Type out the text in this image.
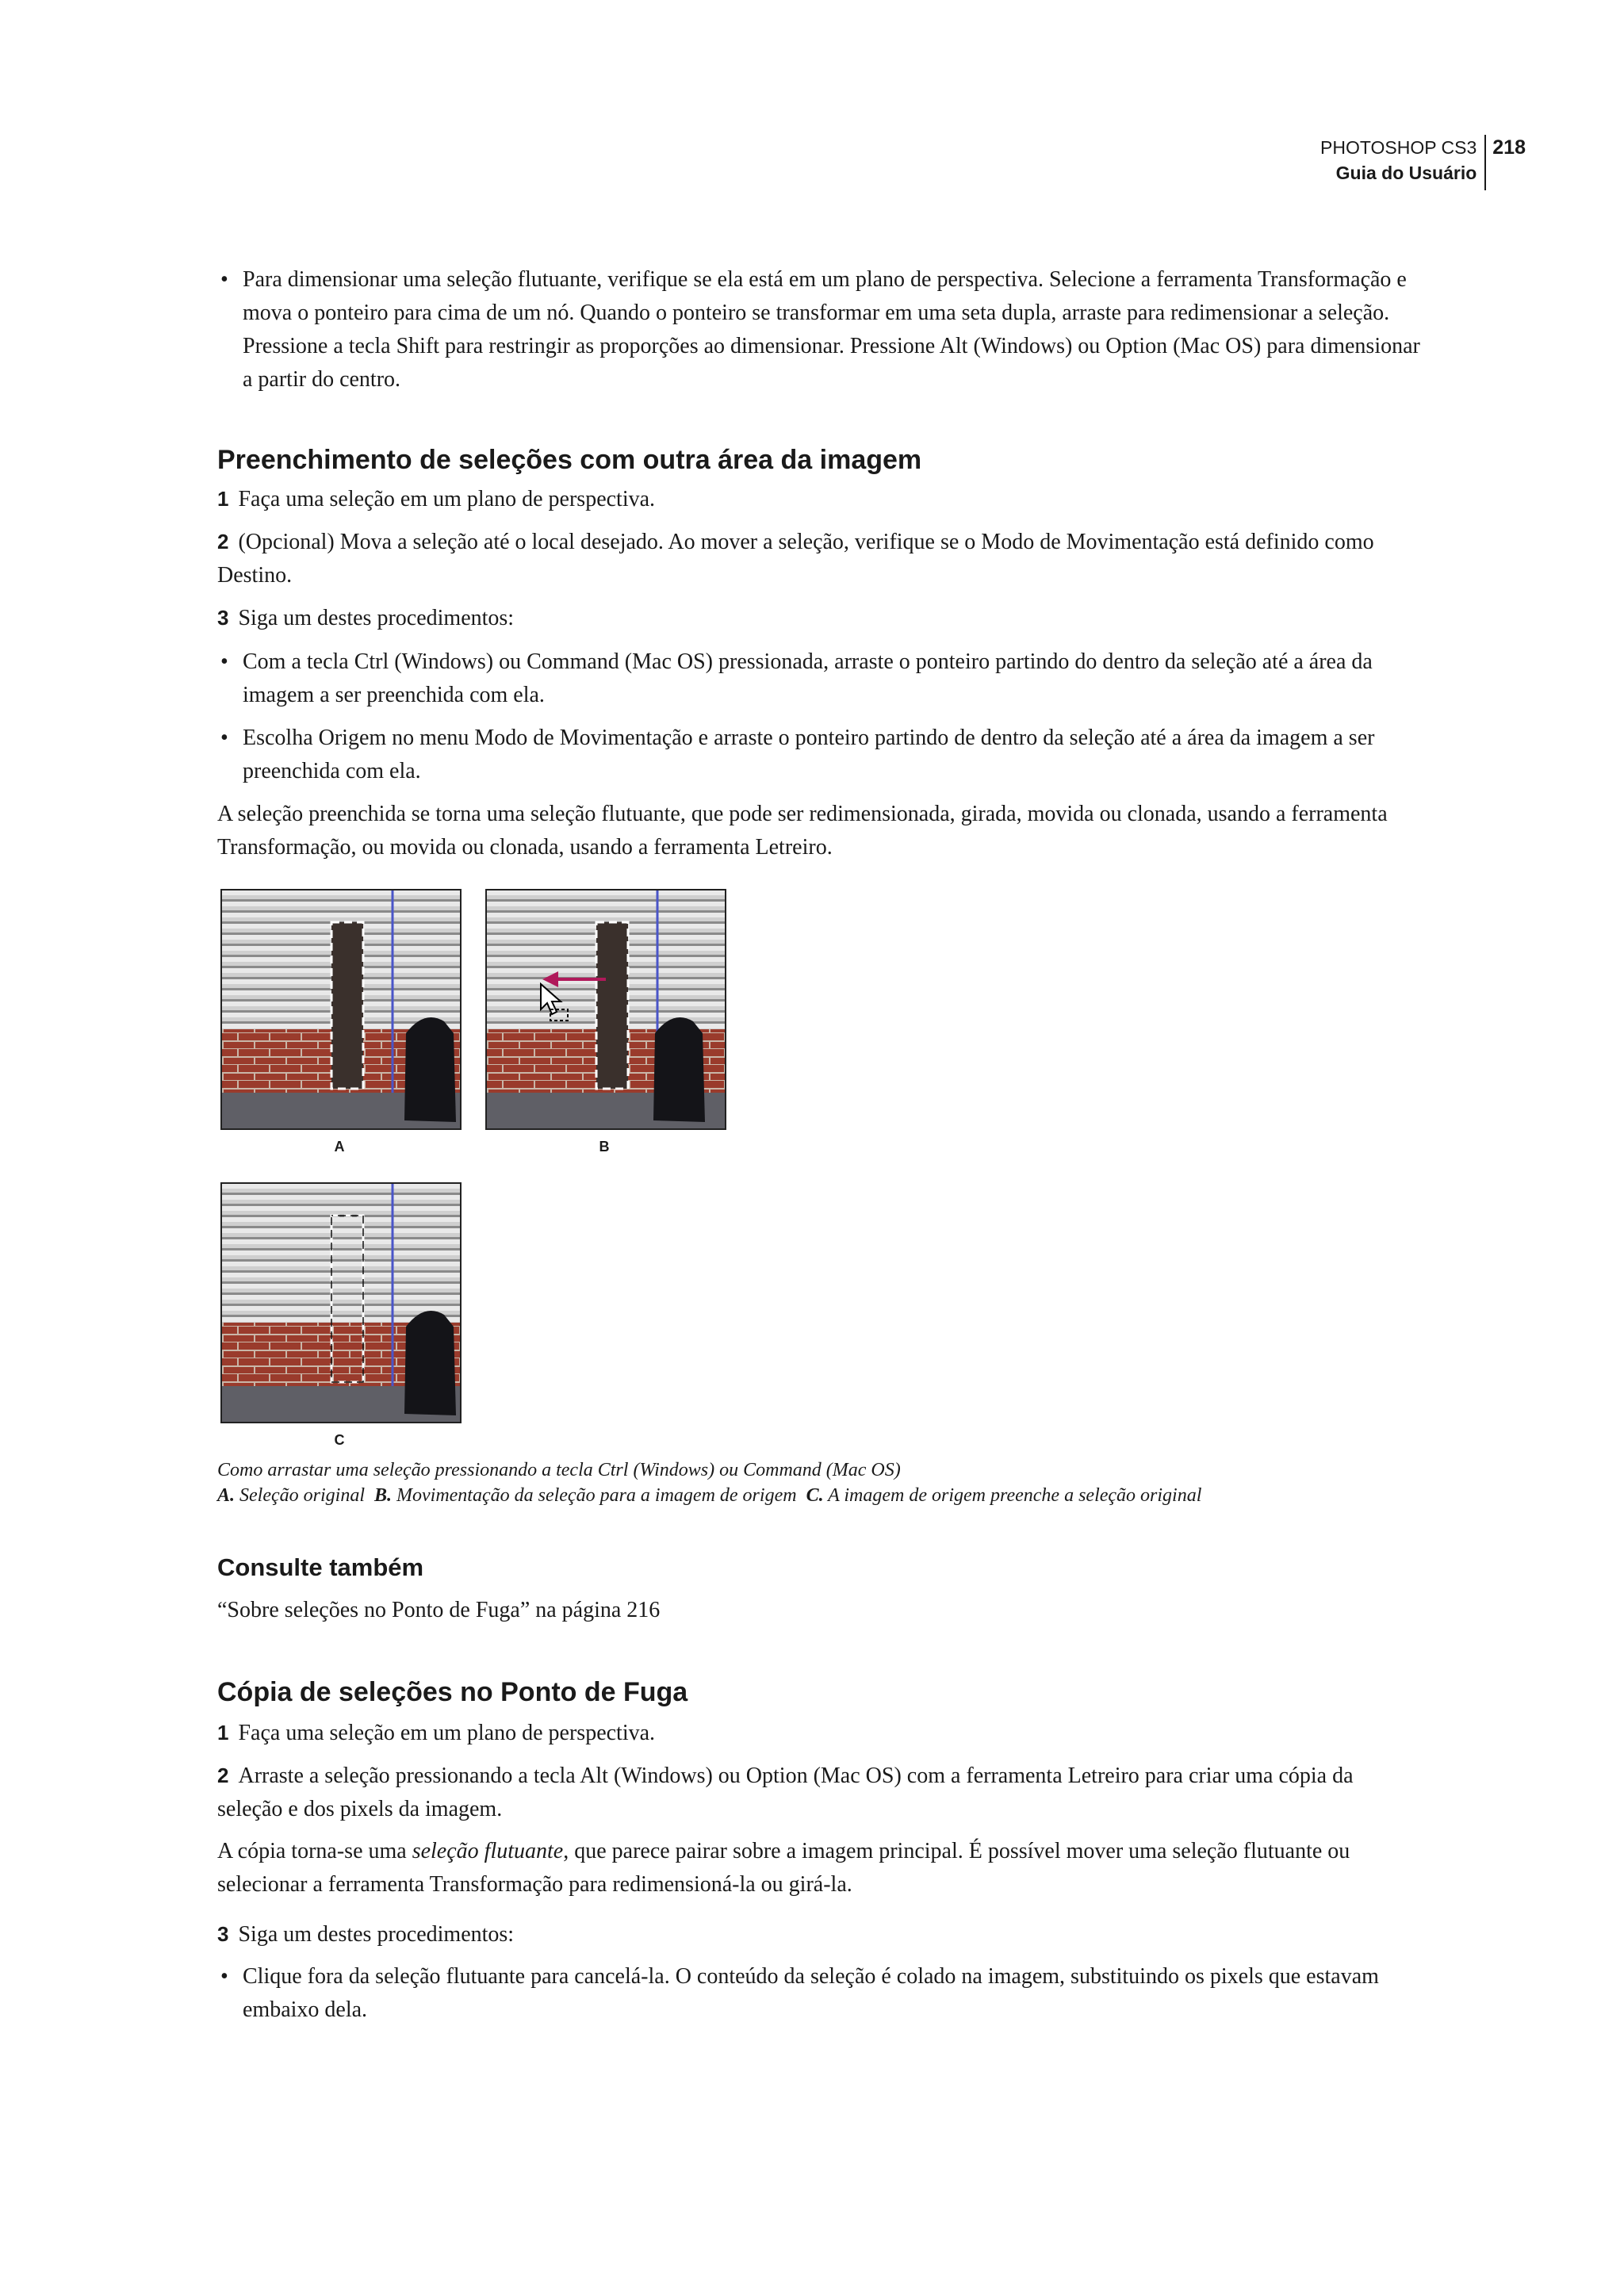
PHOTOSHOP CS3
Guia do Usuário
218

• Para dimensionar uma seleção flutuante, verifique se ela está em um plano de perspectiva. Selecione a ferramenta Transformação e mova o ponteiro para cima de um nó. Quando o ponteiro se transformar em uma seta dupla, arraste para redimensionar a seleção. Pressione a tecla Shift para restringir as proporções ao dimensionar. Pressione Alt (Windows) ou Option (Mac OS) para dimensionar a partir do centro.

Preenchimento de seleções com outra área da imagem

1 Faça uma seleção em um plano de perspectiva.

2 (Opcional) Mova a seleção até o local desejado. Ao mover a seleção, verifique se o Modo de Movimentação está definido como Destino.

3 Siga um destes procedimentos:

• Com a tecla Ctrl (Windows) ou Command (Mac OS) pressionada, arraste o ponteiro partindo do dentro da seleção até a área da imagem a ser preenchida com ela.

• Escolha Origem no menu Modo de Movimentação e arraste o ponteiro partindo de dentro da seleção até a área da imagem a ser preenchida com ela.

A seleção preenchida se torna uma seleção flutuante, que pode ser redimensionada, girada, movida ou clonada, usando a ferramenta Transformação, ou movida ou clonada, usando a ferramenta Letreiro.

A	B
C
Como arrastar uma seleção pressionando a tecla Ctrl (Windows) ou Command (Mac OS)
A. Seleção original B. Movimentação da seleção para a imagem de origem C. A imagem de origem preenche a seleção original
Consulte também

“Sobre seleções no Ponto de Fuga” na página 216

Cópia de seleções no Ponto de Fuga

1 Faça uma seleção em um plano de perspectiva.

2 Arraste a seleção pressionando a tecla Alt (Windows) ou Option (Mac OS) com a ferramenta Letreiro para criar uma cópia da seleção e dos pixels da imagem.

A cópia torna-se uma seleção flutuante, que parece pairar sobre a imagem principal. É possível mover uma seleção flutuante ou selecionar a ferramenta Transformação para redimensioná-la ou girá-la.

3 Siga um destes procedimentos:

• Clique fora da seleção flutuante para cancelá-la. O conteúdo da seleção é colado na imagem, substituindo os pixels que estavam embaixo dela.
